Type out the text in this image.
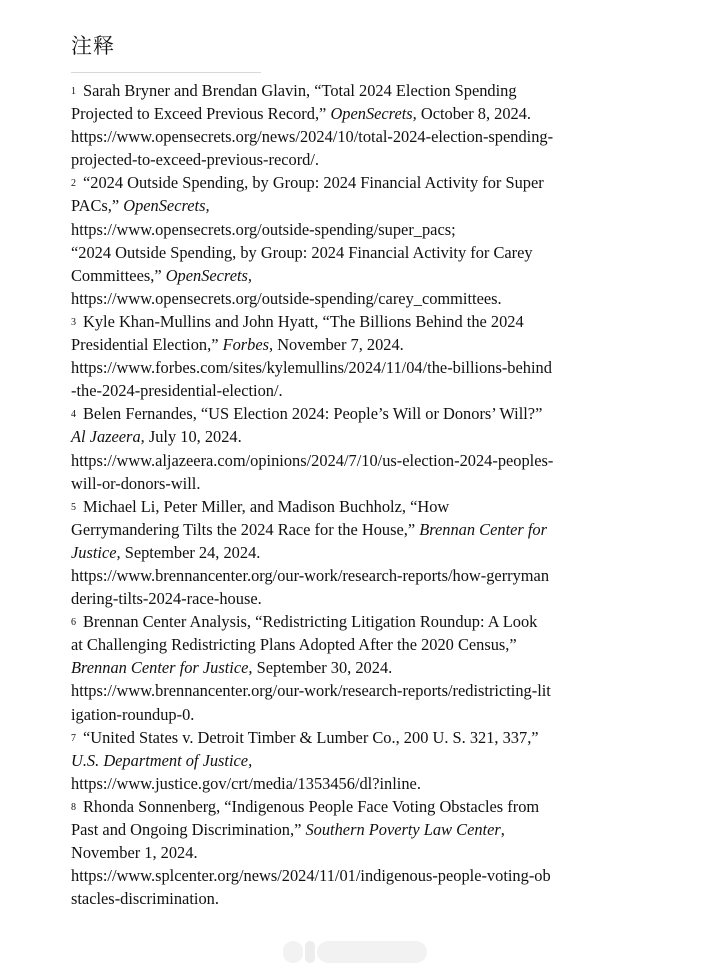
注释
$^1$ Sarah Bryner and Brendan Glavin, “Total 2024 Election Spending
Projected to Exceed Previous Record,” OpenSecrets, October 8, 2024.
https://www.opensecrets.org/news/2024/10/total-2024-election-spending-
projected-to-exceed-previous-record/.
$^2$ “2024 Outside Spending, by Group: 2024 Financial Activity for Super
PACs,” OpenSecrets,
https://www.opensecrets.org/outside-spending/super_pacs;
“2024 Outside Spending, by Group: 2024 Financial Activity for Carey
Committees,” OpenSecrets,
https://www.opensecrets.org/outside-spending/carey_committees.
$^3$ Kyle Khan-Mullins and John Hyatt, “The Billions Behind the 2024
Presidential Election,” Forbes, November 7, 2024.
https://www.forbes.com/sites/kylemullins/2024/11/04/the-billions-behind
-the-2024-presidential-election/.
$^4$ Belen Fernandes, “US Election 2024: People’s Will or Donors’ Will?”
Al Jazeera, July 10, 2024.
https://www.aljazeera.com/opinions/2024/7/10/us-election-2024-peoples-
will-or-donors-will.
$^5$ Michael Li, Peter Miller, and Madison Buchholz, “How
Gerrymandering Tilts the 2024 Race for the House,” Brennan Center for
Justice, September 24, 2024.
https://www.brennancenter.org/our-work/research-reports/how-gerryman
dering-tilts-2024-race-house.
$^6$ Brennan Center Analysis, “Redistricting Litigation Roundup: A Look
at Challenging Redistricting Plans Adopted After the 2020 Census,”
Brennan Center for Justice, September 30, 2024.
https://www.brennancenter.org/our-work/research-reports/redistricting-lit
igation-roundup-0.
$^7$ “United States v. Detroit Timber & Lumber Co., 200 U. S. 321, 337,”
U.S. Department of Justice,
https://www.justice.gov/crt/media/1353456/dl?inline.
$^8$ Rhonda Sonnenberg, “Indigenous People Face Voting Obstacles from
Past and Ongoing Discrimination,” Southern Poverty Law Center,
November 1, 2024.
https://www.splcenter.org/news/2024/11/01/indigenous-people-voting-ob
stacles-discrimination.
